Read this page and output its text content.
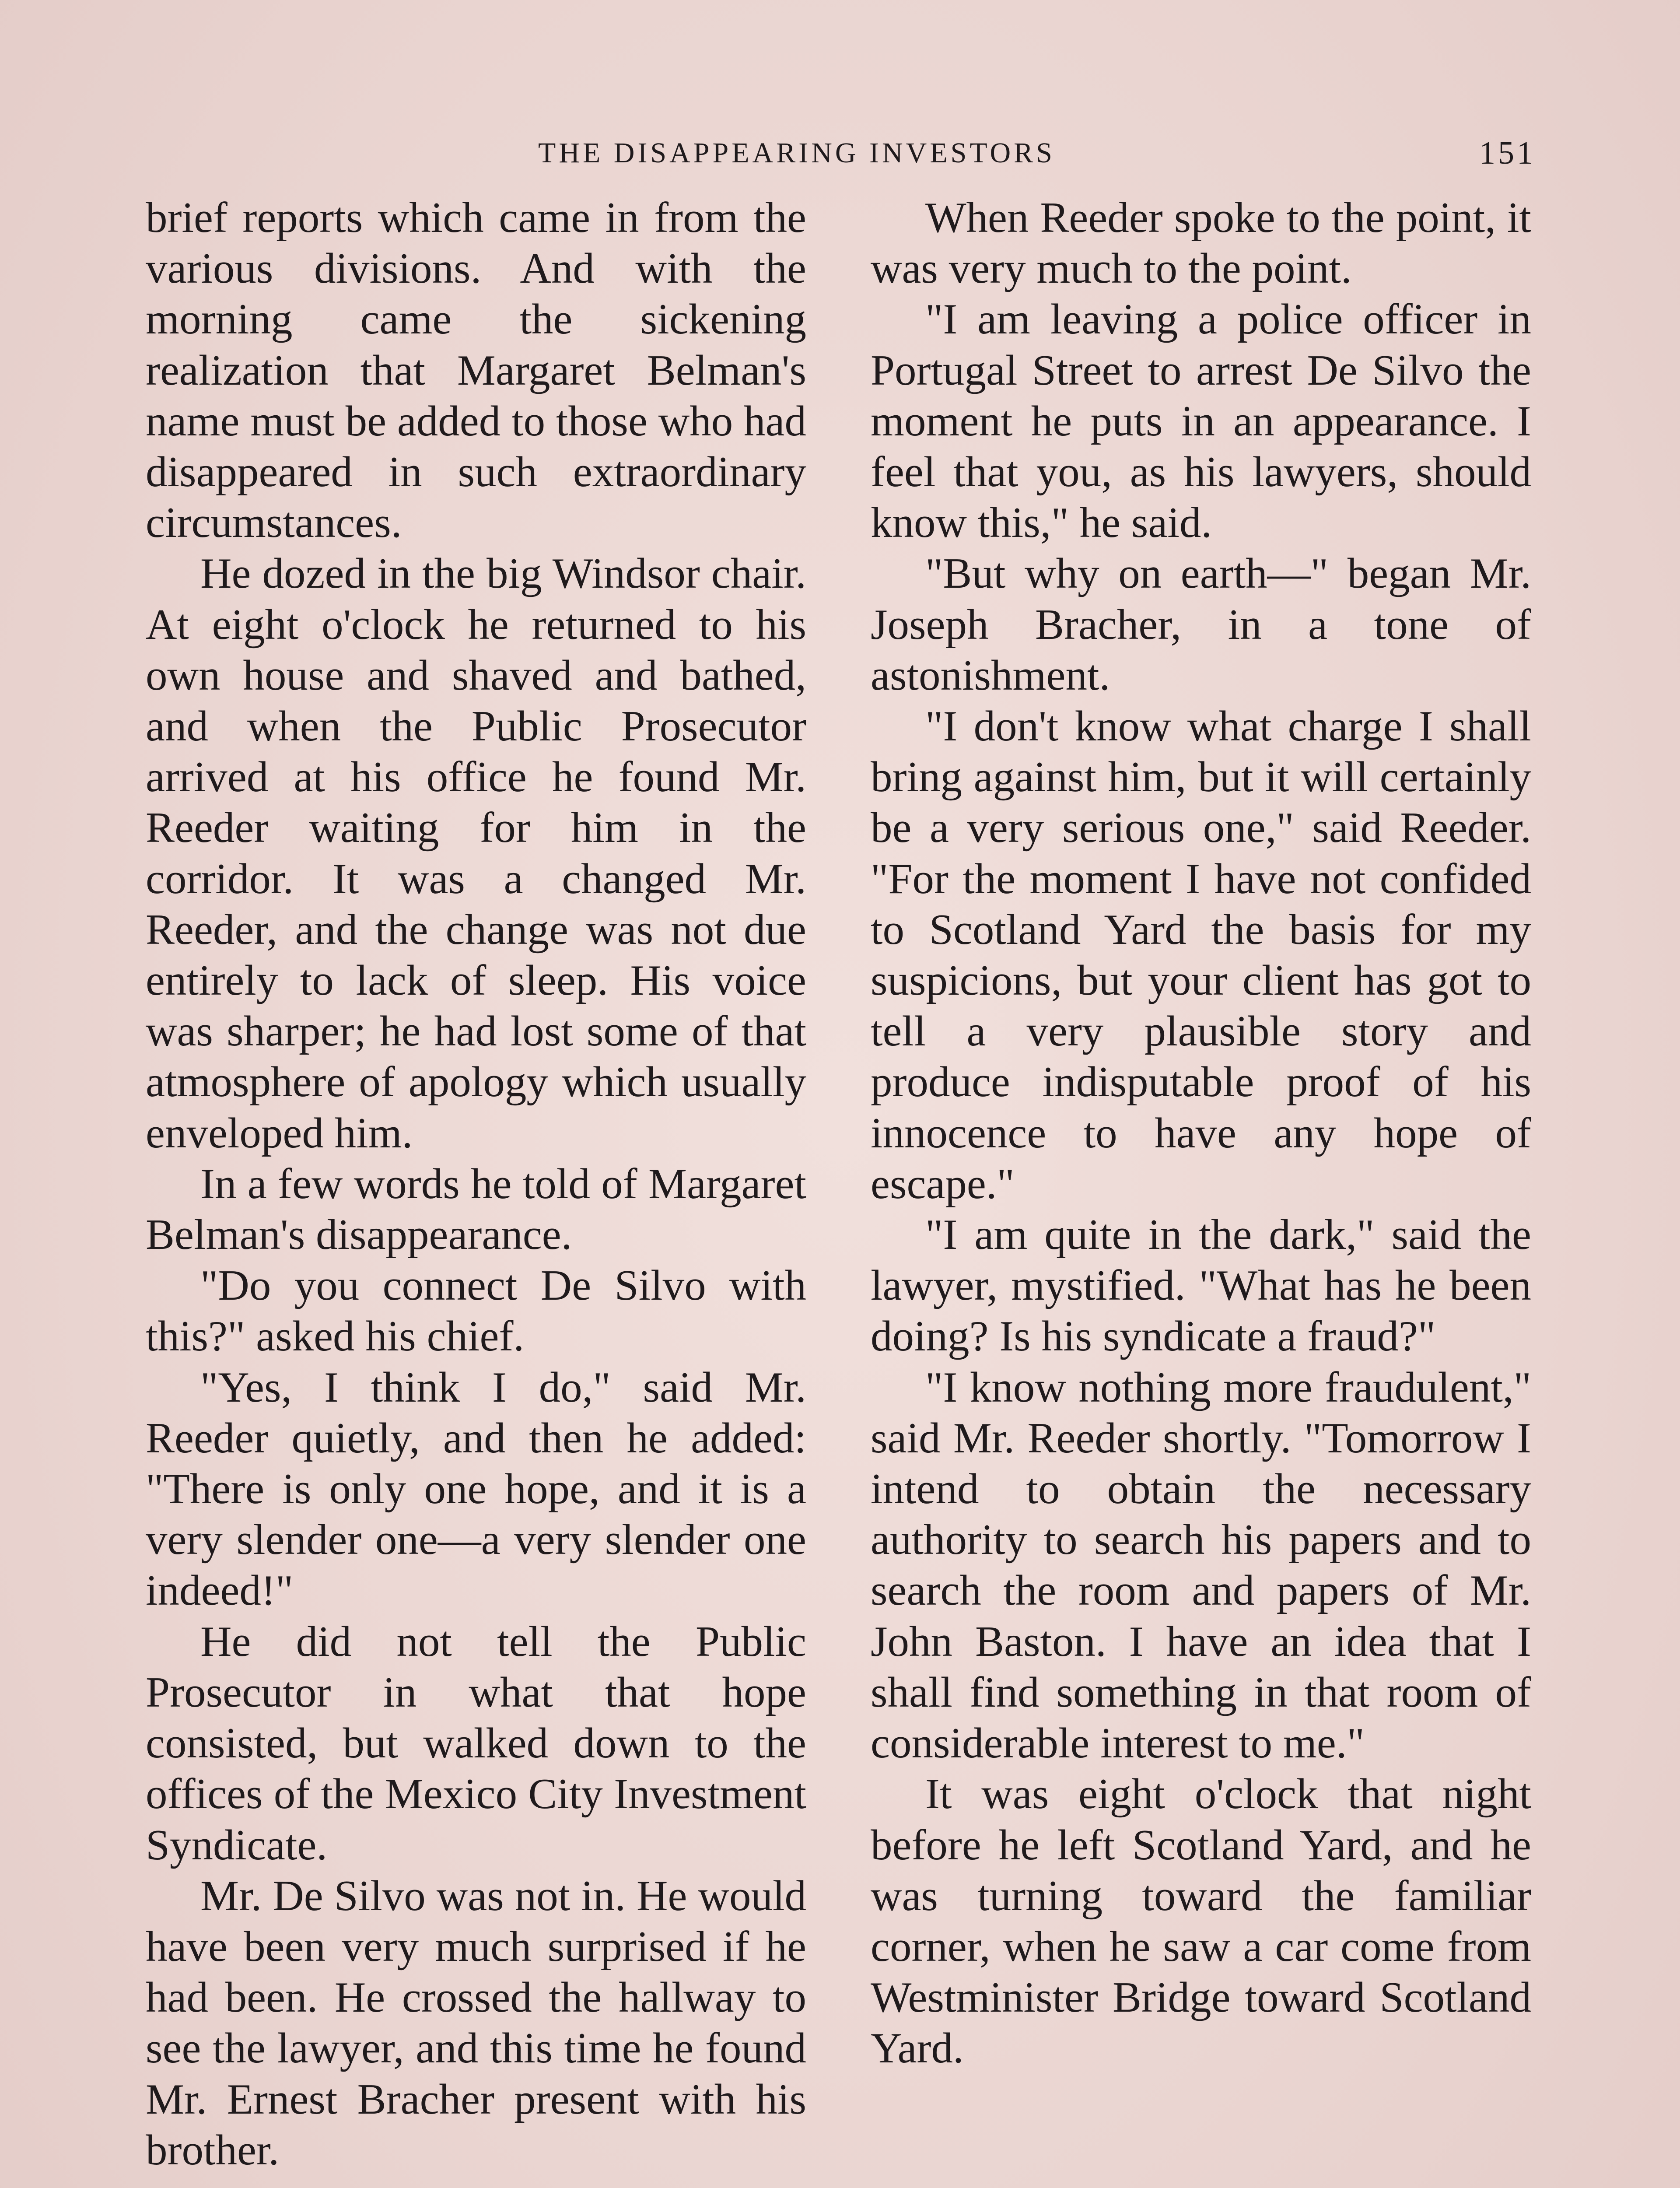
THE DISAPPEARING INVESTORS	151

brief reports which came in from the various divisions. And with the morning came the sickening realization that Margaret Belman's name must be added to those who had disappeared in such extraordinary circumstances.

He dozed in the big Windsor chair. At eight o'clock he returned to his own house and shaved and bathed, and when the Public Prosecutor arrived at his office he found Mr. Reeder waiting for him in the corridor. It was a changed Mr. Reeder, and the change was not due entirely to lack of sleep. His voice was sharper; he had lost some of that atmosphere of apology which usually enveloped him.

In a few words he told of Margaret Belman's disappearance.

"Do you connect De Silvo with this?" asked his chief.

"Yes, I think I do," said Mr. Reeder quietly, and then he added: "There is only one hope, and it is a very slender one—a very slender one indeed!"

He did not tell the Public Prosecutor in what that hope consisted, but walked down to the offices of the Mexico City Investment Syndicate.

Mr. De Silvo was not in. He would have been very much surprised if he had been. He crossed the hallway to see the lawyer, and this time he found Mr. Ernest Bracher present with his brother.

When Reeder spoke to the point, it was very much to the point.

"I am leaving a police officer in Portugal Street to arrest De Silvo the moment he puts in an appearance. I feel that you, as his lawyers, should know this," he said.

"But why on earth—" began Mr. Joseph Bracher, in a tone of astonishment.

"I don't know what charge I shall bring against him, but it will certainly be a very serious one," said Reeder. "For the moment I have not confided to Scotland Yard the basis for my suspicions, but your client has got to tell a very plausible story and produce indisputable proof of his innocence to have any hope of escape."

"I am quite in the dark," said the lawyer, mystified. "What has he been doing? Is his syndicate a fraud?"

"I know nothing more fraudulent," said Mr. Reeder shortly. "Tomorrow I intend to obtain the necessary authority to search his papers and to search the room and papers of Mr. John Baston. I have an idea that I shall find something in that room of considerable interest to me."

It was eight o'clock that night before he left Scotland Yard, and he was turning toward the familiar corner, when he saw a car come from Westminister Bridge toward Scotland Yard.
